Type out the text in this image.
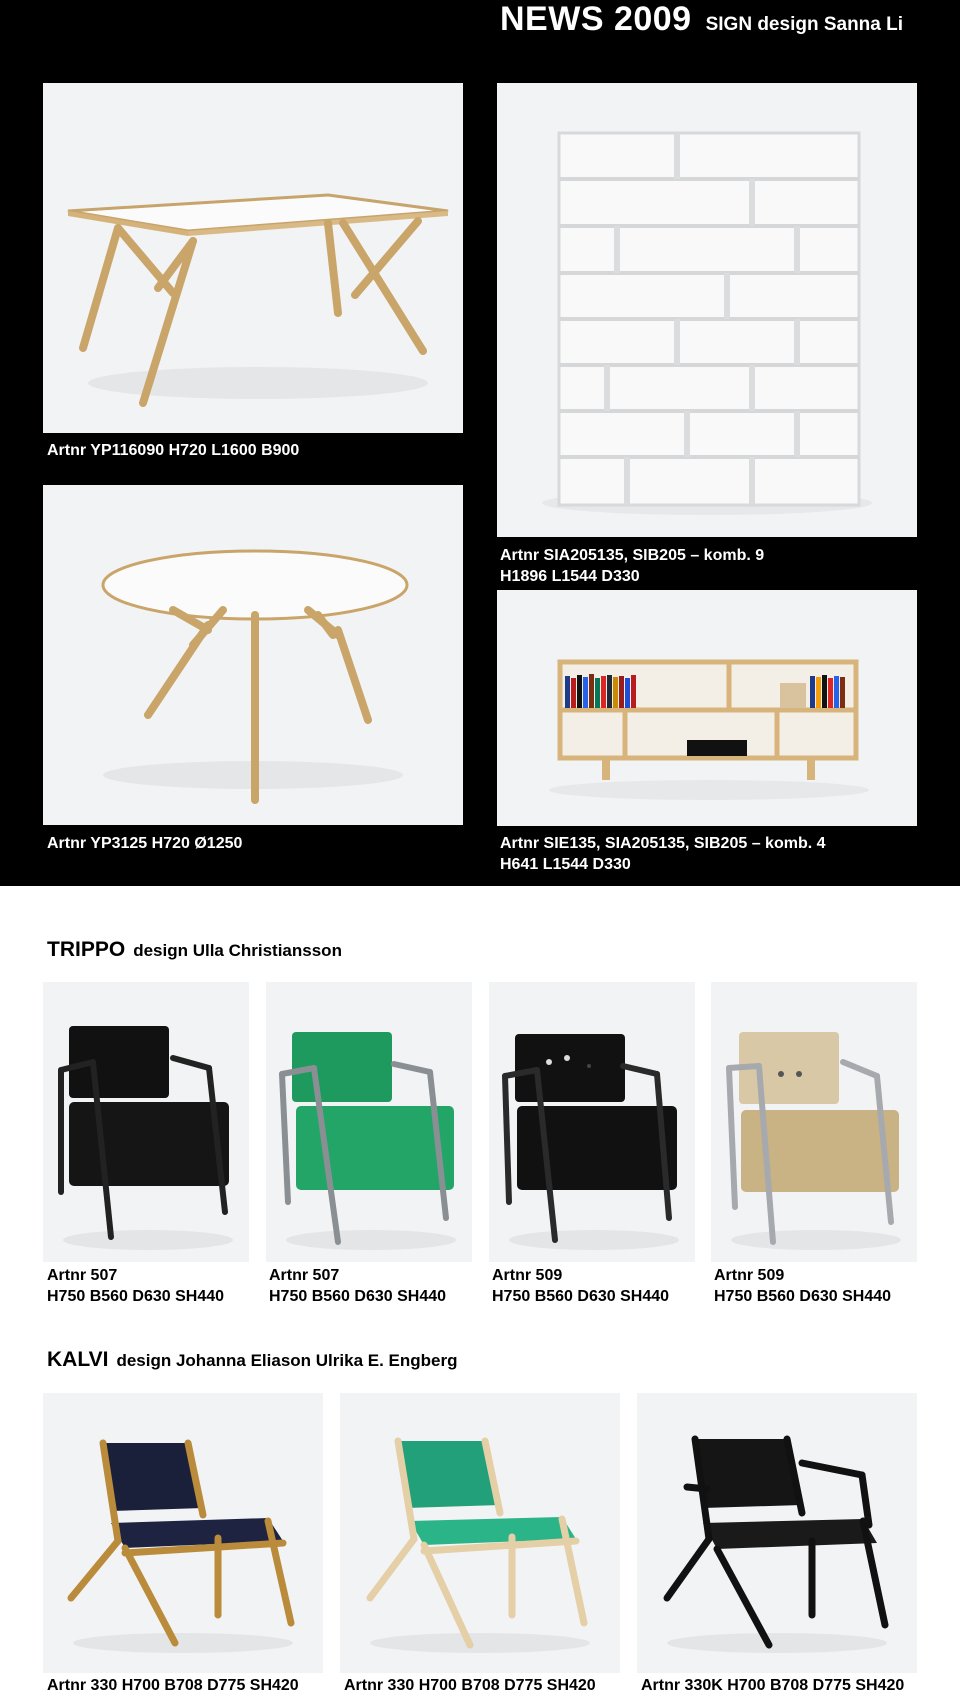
NEWS 2009 SIGN design Sanna Li
Artnr YP116090 H720 L1600 B900
Artnr YP3125 H720 Ø1250
Artnr SIA205135, SIB205 – komb. 9
H1896 L1544 D330
Artnr SIE135, SIA205135, SIB205 – komb. 4
H641 L1544 D330
TRIPPO design Ulla Christiansson
Artnr 507
H750 B560 D630 SH440
Artnr 507
H750 B560 D630 SH440
Artnr 509
H750 B560 D630 SH440
Artnr 509
H750 B560 D630 SH440
KALVI design Johanna Eliason Ulrika E. Engberg
Artnr 330 H700 B708 D775 SH420	Artnr 330 H700 B708 D775 SH420	Artnr 330K H700 B708 D775 SH420
